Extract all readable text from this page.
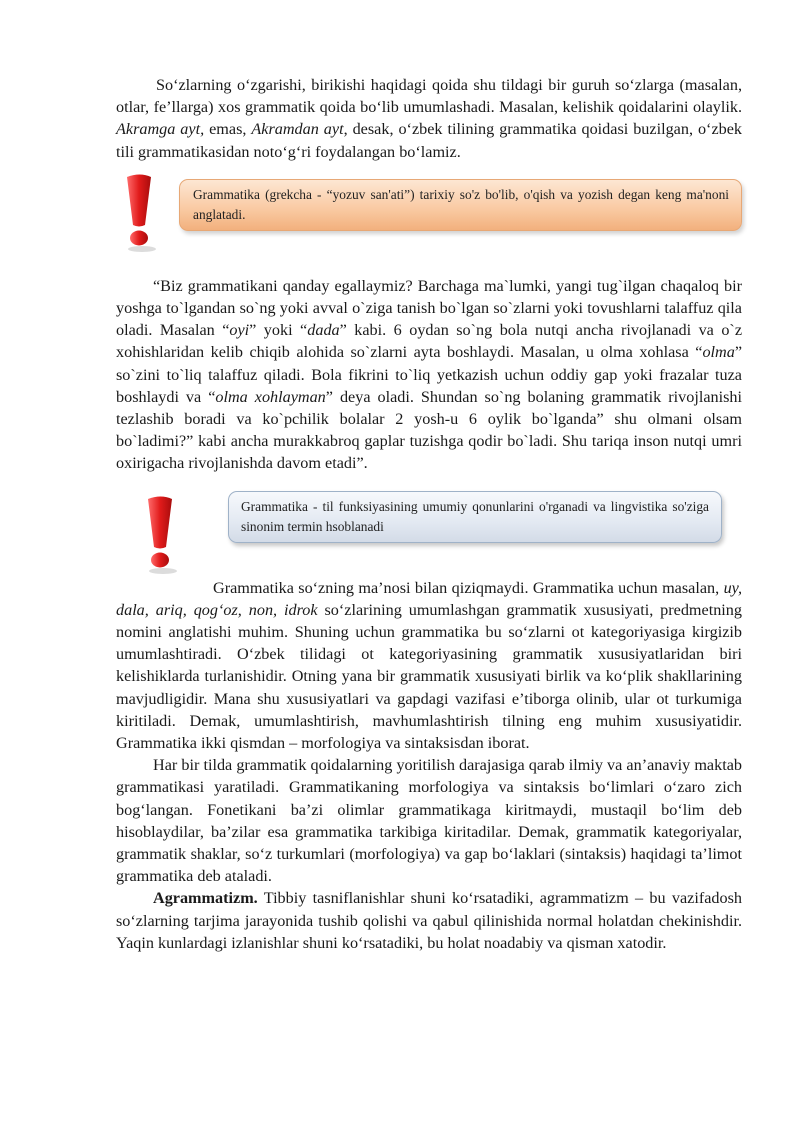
So‘zlarning o‘zgarishi, birikishi haqidagi qoida shu tildagi bir guruh so‘zlarga (masalan, otlar, fe’llarga) xos grammatik qoida bo‘lib umumlashadi. Masalan, kelishik qoidalarini olaylik. Akramga ayt, emas, Akramdan ayt, desak, o‘zbek tilining grammatika qoidasi buzilgan, o‘zbek tili grammatikasidan noto‘g‘ri foydalangan bo‘lamiz.

Grammatika (grekcha - “yozuv san'ati”) tarixiy so'z bo'lib, o'qish va yozish degan keng ma'noni anglatadi.

“Biz grammatikani qanday egallaymiz? Barchaga ma`lumki, yangi tug`ilgan chaqaloq bir yoshga to`lgandan so`ng yoki avval o`ziga tanish bo`lgan so`zlarni yoki tovushlarni talaffuz qila oladi. Masalan “oyi” yoki “dada” kabi. 6 oydan so`ng bola nutqi ancha rivojlanadi va o`z xohishlaridan kelib chiqib alohida so`zlarni ayta boshlaydi. Masalan, u olma xohlasa “olma” so`zini to`liq talaffuz qiladi. Bola fikrini to`liq yetkazish uchun oddiy gap yoki frazalar tuza boshlaydi va “olma xohlayman” deya oladi. Shundan so`ng bolaning grammatik rivojlanishi tezlashib boradi va ko`pchilik bolalar 2 yosh-u 6 oylik bo`lganda” shu olmani olsam bo`ladimi?” kabi ancha murakkabroq gaplar tuzishga qodir bo`ladi. Shu tariqa inson nutqi umri oxirigacha rivojlanishda davom etadi”.

Grammatika - til funksiyasining umumiy qonunlarini o'rganadi va lingvistika so'ziga sinonim termin hsoblanadi

Grammatika so‘zning ma’nosi bilan qiziqmaydi. Grammatika uchun masalan, uy, dala, ariq, qog‘oz, non, idrok so‘zlarining umumlashgan grammatik xususiyati, predmetning nomini anglatishi muhim. Shuning uchun grammatika bu so‘zlarni ot kategoriyasiga kirgizib umumlashtiradi. O‘zbek tilidagi ot kategoriyasining grammatik xususiyatlaridan biri kelishiklarda turlanishidir. Otning yana bir grammatik xususiyati birlik va ko‘plik shakllarining mavjudligidir. Mana shu xususiyatlari va gapdagi vazifasi e’tiborga olinib, ular ot turkumiga kiritiladi. Demak, umumlashtirish, mavhumlashtirish tilning eng muhim xususiyatidir. Grammatika ikki qismdan – morfologiya va sintaksisdan iborat.

Har bir tilda grammatik qoidalarning yoritilish darajasiga qarab ilmiy va an’anaviy maktab grammatikasi yaratiladi. Grammatikaning morfologiya va sintaksis bo‘limlari o‘zaro zich bog‘langan. Fonetikani ba’zi olimlar grammatikaga kiritmaydi, mustaqil bo‘lim deb hisoblaydilar, ba’zilar esa grammatika tarkibiga kiritadilar. Demak, grammatik kategoriyalar, grammatik shaklar, so‘z turkumlari (morfologiya) va gap bo‘laklari (sintaksis) haqidagi ta’limot grammatika deb ataladi.

Agrammatizm. Tibbiy tasniflanishlar shuni ko‘rsatadiki, agrammatizm – bu vazifadosh so‘zlarning tarjima jarayonida tushib qolishi va qabul qilinishida normal holatdan chekinishdir. Yaqin kunlardagi izlanishlar shuni ko‘rsatadiki, bu holat noadabiy va qisman xatodir.
